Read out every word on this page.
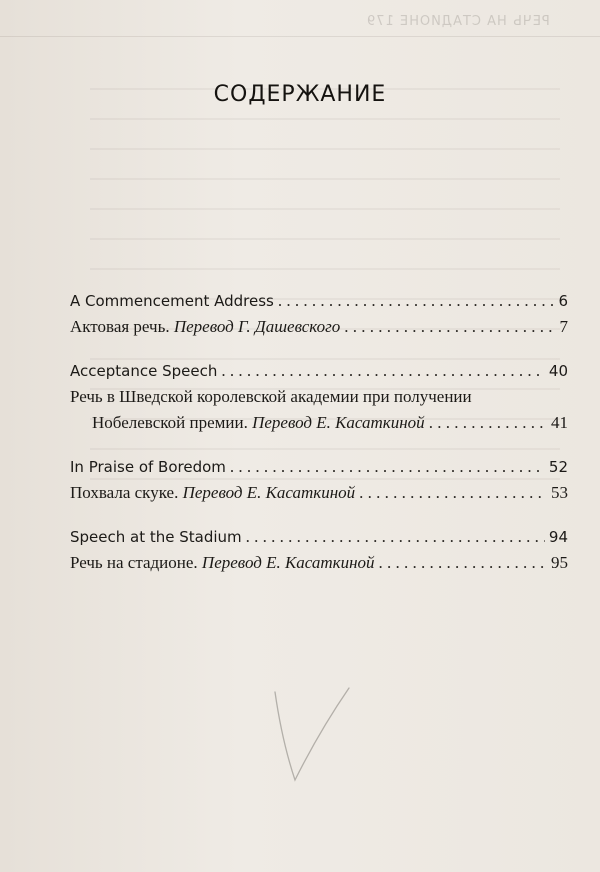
РЕЧЬ НА СТАДИОНЕ 179
СОДЕРЖАНИЕ
A Commencement Address . . .	6
Актовая речь. Перевод Г. Дашевского . . .	7
Acceptance Speech . . .	40
Речь в Шведской королевской академии при получении
Нобелевской премии. Перевод Е. Касаткиной . . .	41
In Praise of Boredom . . .	52
Похвала скуке. Перевод Е. Касаткиной . . .	53
Speech at the Stadium . . .	94
Речь на стадионе. Перевод Е. Касаткиной . . .	95
